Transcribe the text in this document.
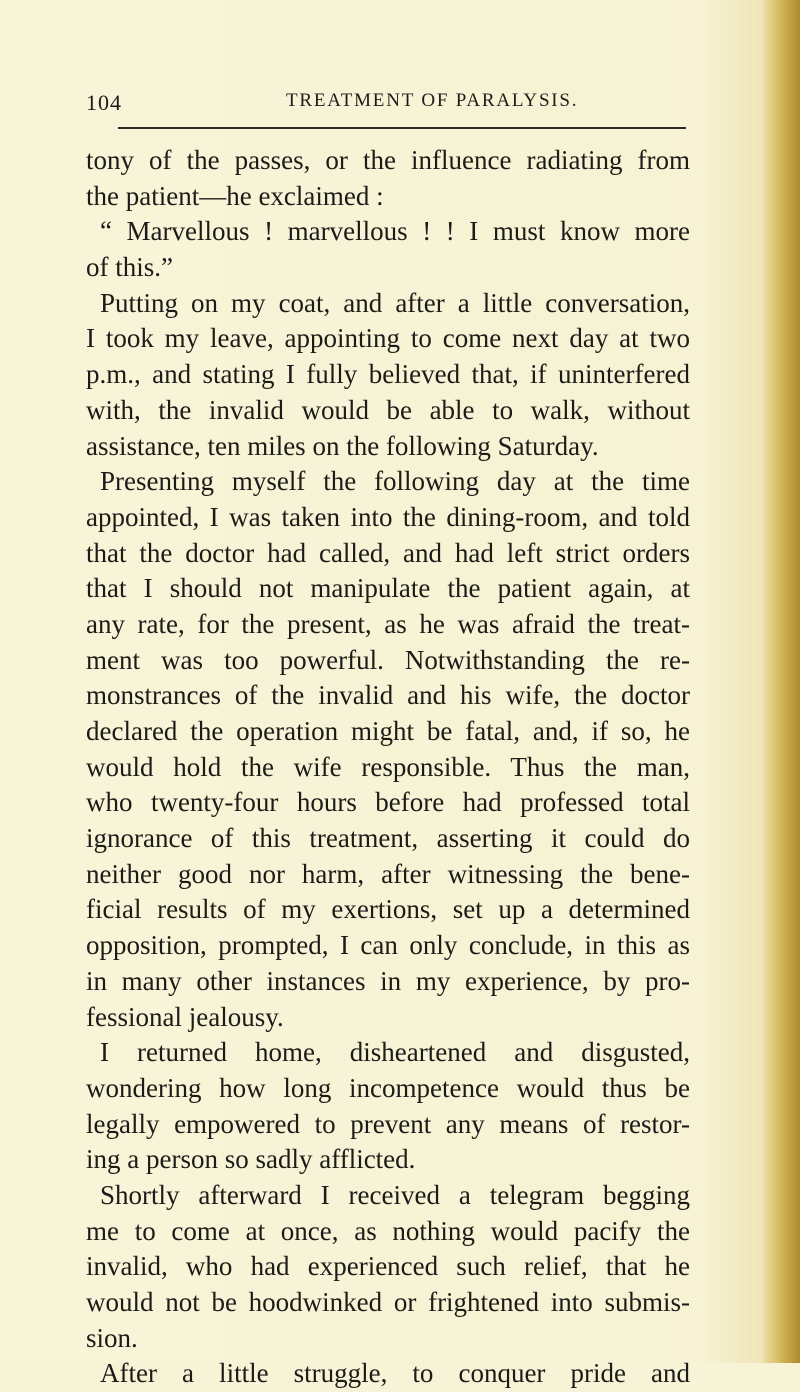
104	TREATMENT OF PARALYSIS.
tony of the passes, or the influence radiating from
the patient—he exclaimed :
“ Marvellous ! marvellous ! ! I must know more
of this.”
Putting on my coat, and after a little conversation,
I took my leave, appointing to come next day at two
p.m., and stating I fully believed that, if uninterfered
with, the invalid would be able to walk, without
assistance, ten miles on the following Saturday.
Presenting myself the following day at the time
appointed, I was taken into the dining-room, and told
that the doctor had called, and had left strict orders
that I should not manipulate the patient again, at
any rate, for the present, as he was afraid the treat-
ment was too powerful. Notwithstanding the re-
monstrances of the invalid and his wife, the doctor
declared the operation might be fatal, and, if so, he
would hold the wife responsible. Thus the man,
who twenty-four hours before had professed total
ignorance of this treatment, asserting it could do
neither good nor harm, after witnessing the bene-
ficial results of my exertions, set up a determined
opposition, prompted, I can only conclude, in this as
in many other instances in my experience, by pro-
fessional jealousy.
I returned home, disheartened and disgusted,
wondering how long incompetence would thus be
legally empowered to prevent any means of restor-
ing a person so sadly afflicted.
Shortly afterward I received a telegram begging
me to come at once, as nothing would pacify the
invalid, who had experienced such relief, that he
would not be hoodwinked or frightened into submis-
sion.
After a little struggle, to conquer pride and
